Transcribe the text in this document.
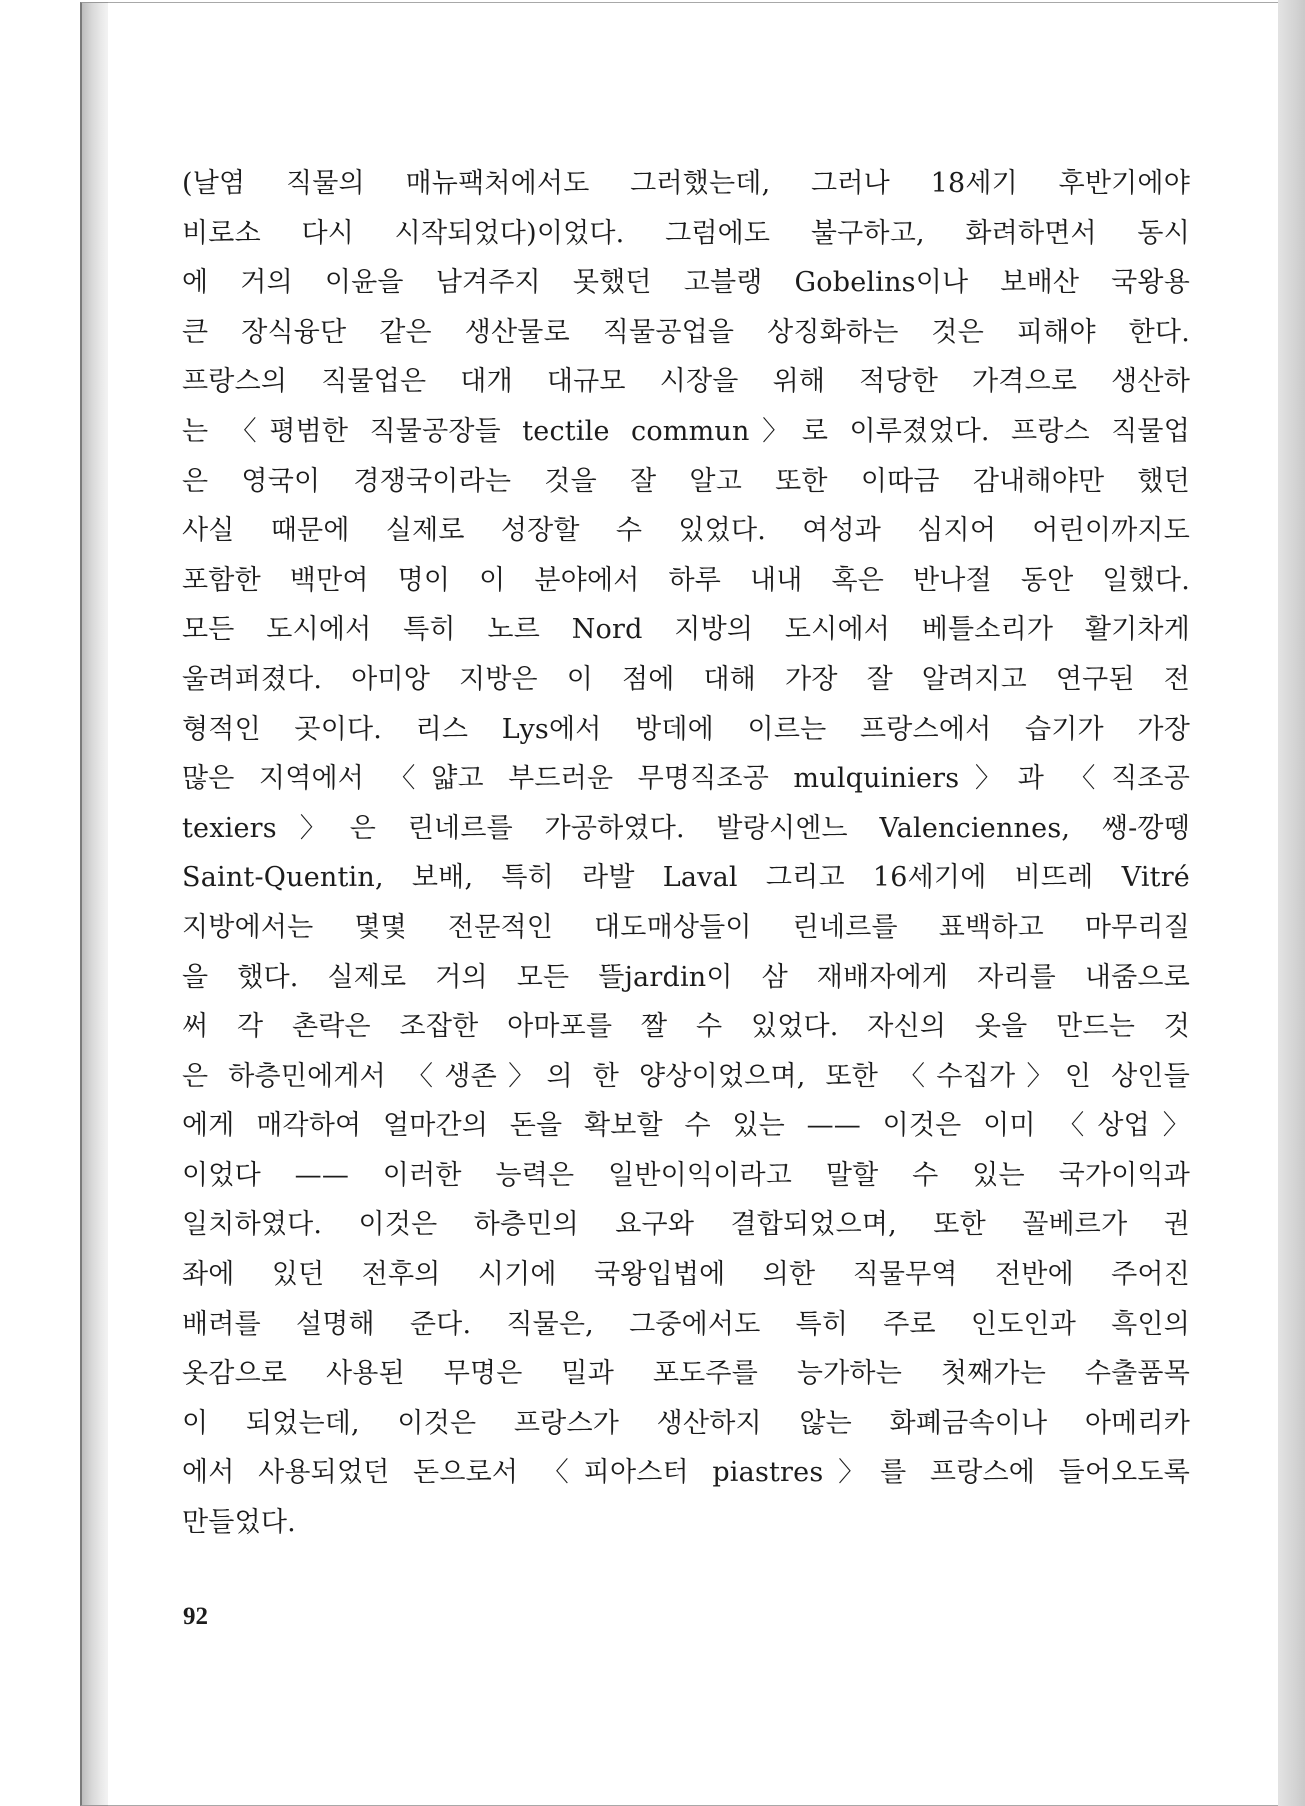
(날염 직물의 매뉴팩처에서도 그러했는데, 그러나 18세기 후반기에야
비로소 다시 시작되었다)이었다. 그럼에도 불구하고, 화려하면서 동시
에 거의 이윤을 남겨주지 못했던 고블랭 Gobelins이나 보배산 국왕용
큰 장식융단 같은 생산물로 직물공업을 상징화하는 것은 피해야 한다.
프랑스의 직물업은 대개 대규모 시장을 위해 적당한 가격으로 생산하
는 〈평범한 직물공장들 tectile commun〉로 이루졌었다. 프랑스 직물업
은 영국이 경쟁국이라는 것을 잘 알고 또한 이따금 감내해야만 했던
사실 때문에 실제로 성장할 수 있었다. 여성과 심지어 어린이까지도
포함한 백만여 명이 이 분야에서 하루 내내 혹은 반나절 동안 일했다.
모든 도시에서 특히 노르 Nord 지방의 도시에서 베틀소리가 활기차게
울려퍼졌다. 아미앙 지방은 이 점에 대해 가장 잘 알려지고 연구된 전
형적인 곳이다. 리스 Lys에서 방데에 이르는 프랑스에서 습기가 가장
많은 지역에서 〈얇고 부드러운 무명직조공 mulquiniers〉과 〈직조공
texiers〉은 린네르를 가공하였다. 발랑시엔느 Valenciennes, 쌩-깡뗑
Saint-Quentin, 보배, 특히 라발 Laval 그리고 16세기에 비뜨레 Vitré
지방에서는 몇몇 전문적인 대도매상들이 린네르를 표백하고 마무리질
을 했다. 실제로 거의 모든 뜰jardin이 삼 재배자에게 자리를 내줌으로
써 각 촌락은 조잡한 아마포를 짤 수 있었다. 자신의 옷을 만드는 것
은 하층민에게서 〈생존〉의 한 양상이었으며, 또한 〈수집가〉인 상인들
에게 매각하여 얼마간의 돈을 확보할 수 있는 —— 이것은 이미 〈상업〉
이었다 —— 이러한 능력은 일반이익이라고 말할 수 있는 국가이익과
일치하였다. 이것은 하층민의 요구와 결합되었으며, 또한 꼴베르가 권
좌에 있던 전후의 시기에 국왕입법에 의한 직물무역 전반에 주어진
배려를 설명해 준다. 직물은, 그중에서도 특히 주로 인도인과 흑인의
옷감으로 사용된 무명은 밀과 포도주를 능가하는 첫째가는 수출품목
이 되었는데, 이것은 프랑스가 생산하지 않는 화폐금속이나 아메리카
에서 사용되었던 돈으로서 〈피아스터 piastres〉를 프랑스에 들어오도록
만들었다.
92
